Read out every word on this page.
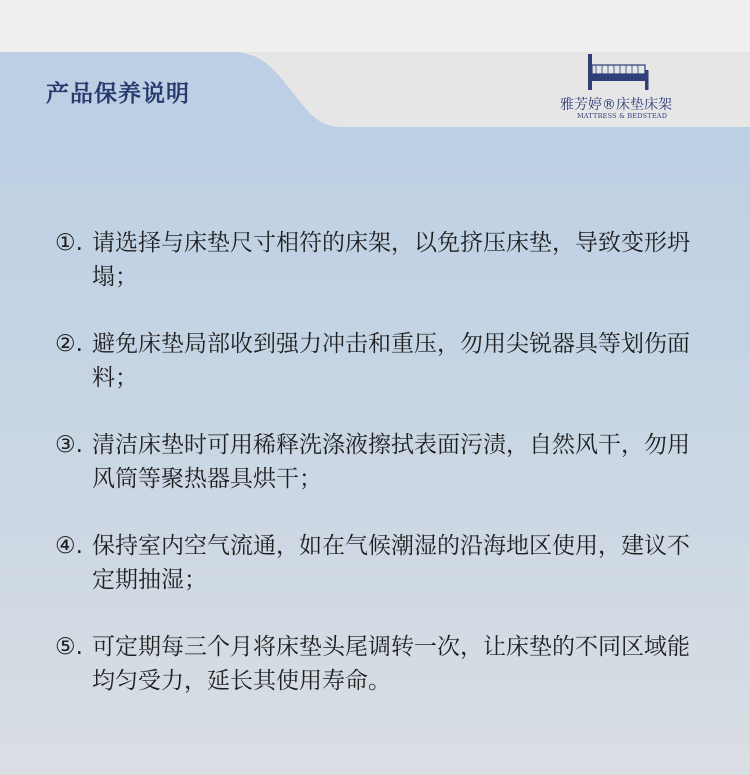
产品保养说明	雅芳婷®床垫床架
MATTRESS & BEDSTEAD
①. 请选择与床垫尺寸相符的床架，以免挤压床垫，导致变形坍塌；
②. 避免床垫局部收到强力冲击和重压，勿用尖锐器具等划伤面料；
③. 清洁床垫时可用稀释洗涤液擦拭表面污渍，自然风干，勿用风筒等聚热器具烘干；
④. 保持室内空气流通，如在气候潮湿的沿海地区使用，建议不定期抽湿；
⑤. 可定期每三个月将床垫头尾调转一次，让床垫的不同区域能均匀受力，延长其使用寿命。
